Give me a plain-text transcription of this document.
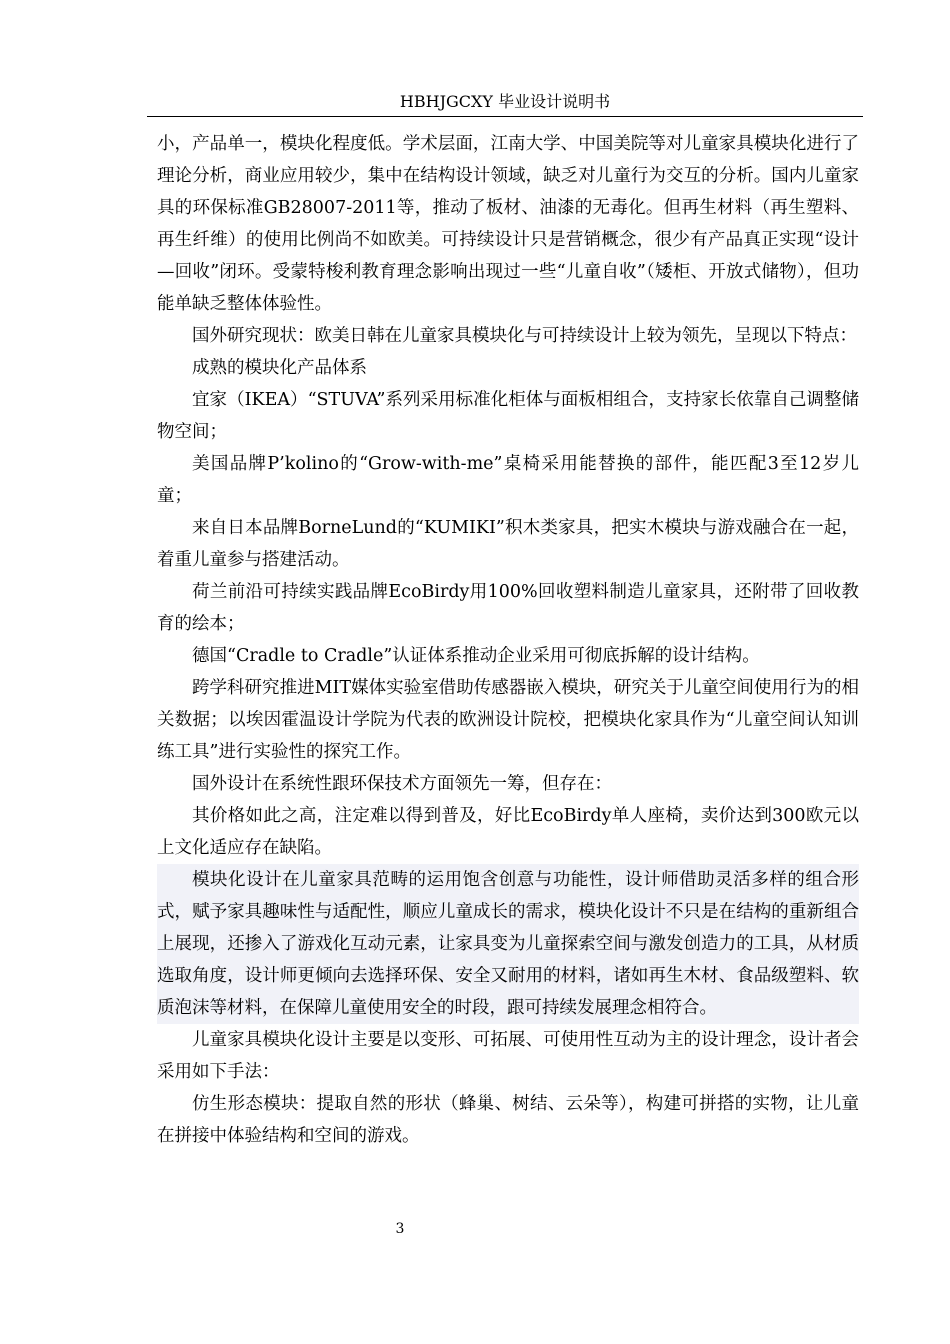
HBHJGCXY 毕业设计说明书

小，产品单一，模块化程度低。学术层面，江南大学、中国美院等对儿童家具模块化进行了理论分析，商业应用较少，集中在结构设计领域，缺乏对儿童行为交互的分析。国内儿童家具的环保标准GB28007-2011等，推动了板材、油漆的无毒化。但再生材料（再生塑料、再生纤维）的使用比例尚不如欧美。可持续设计只是营销概念，很少有产品真正实现“设计—回收”闭环。受蒙特梭利教育理念影响出现过一些“儿童自收”（矮柜、开放式储物），但功能单缺乏整体体验性。

国外研究现状：欧美日韩在儿童家具模块化与可持续设计上较为领先，呈现以下特点：

成熟的模块化产品体系

宜家（IKEA）“STUVA”系列采用标准化柜体与面板相组合，支持家长依靠自己调整储物空间；

美国品牌P’kolino的“Grow-with-me”桌椅采用能替换的部件，能匹配3至12岁儿童；

来自日本品牌BorneLund的“KUMIKI”积木类家具，把实木模块与游戏融合在一起，着重儿童参与搭建活动。

荷兰前沿可持续实践品牌EcoBirdy用100%回收塑料制造儿童家具，还附带了回收教育的绘本；

德国“Cradle to Cradle”认证体系推动企业采用可彻底拆解的设计结构。

跨学科研究推进MIT媒体实验室借助传感器嵌入模块，研究关于儿童空间使用行为的相关数据；以埃因霍温设计学院为代表的欧洲设计院校，把模块化家具作为“儿童空间认知训练工具”进行实验性的探究工作。

国外设计在系统性跟环保技术方面领先一筹，但存在：

其价格如此之高，注定难以得到普及，好比EcoBirdy单人座椅，卖价达到300欧元以上文化适应存在缺陷。

模块化设计在儿童家具范畴的运用饱含创意与功能性，设计师借助灵活多样的组合形式，赋予家具趣味性与适配性，顺应儿童成长的需求，模块化设计不只是在结构的重新组合上展现，还掺入了游戏化互动元素，让家具变为儿童探索空间与激发创造力的工具，从材质选取角度，设计师更倾向去选择环保、安全又耐用的材料，诸如再生木材、食品级塑料、软质泡沫等材料，在保障儿童使用安全的时段，跟可持续发展理念相符合。

儿童家具模块化设计主要是以变形、可拓展、可使用性互动为主的设计理念，设计者会采用如下手法：

仿生形态模块：提取自然的形状（蜂巢、树结、云朵等），构建可拼搭的实物，让儿童在拼接中体验结构和空间的游戏。

3
